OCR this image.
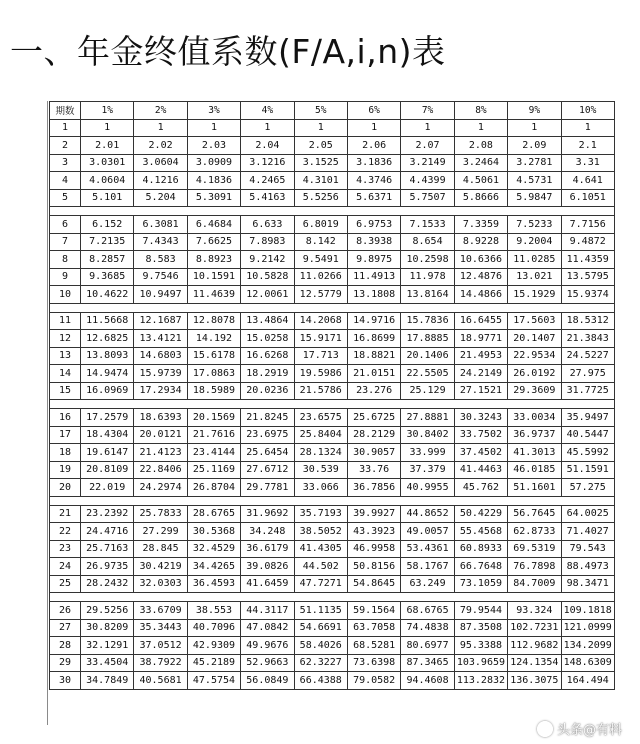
一、年金终值系数(F/A,i,n)表
期数	1%	2%	3%	4%	5%	6%	7%	8%	9%	10%
1	1	1	1	1	1	1	1	1	1	1
2	2.01	2.02	2.03	2.04	2.05	2.06	2.07	2.08	2.09	2.1
3	3.0301	3.0604	3.0909	3.1216	3.1525	3.1836	3.2149	3.2464	3.2781	3.31
4	4.0604	4.1216	4.1836	4.2465	4.3101	4.3746	4.4399	4.5061	4.5731	4.641
5	5.101	5.204	5.3091	5.4163	5.5256	5.6371	5.7507	5.8666	5.9847	6.1051

6	6.152	6.3081	6.4684	6.633	6.8019	6.9753	7.1533	7.3359	7.5233	7.7156
7	7.2135	7.4343	7.6625	7.8983	8.142	8.3938	8.654	8.9228	9.2004	9.4872
8	8.2857	8.583	8.8923	9.2142	9.5491	9.8975	10.2598	10.6366	11.0285	11.4359
9	9.3685	9.7546	10.1591	10.5828	11.0266	11.4913	11.978	12.4876	13.021	13.5795
10	10.4622	10.9497	11.4639	12.0061	12.5779	13.1808	13.8164	14.4866	15.1929	15.9374

11	11.5668	12.1687	12.8078	13.4864	14.2068	14.9716	15.7836	16.6455	17.5603	18.5312
12	12.6825	13.4121	14.192	15.0258	15.9171	16.8699	17.8885	18.9771	20.1407	21.3843
13	13.8093	14.6803	15.6178	16.6268	17.713	18.8821	20.1406	21.4953	22.9534	24.5227
14	14.9474	15.9739	17.0863	18.2919	19.5986	21.0151	22.5505	24.2149	26.0192	27.975
15	16.0969	17.2934	18.5989	20.0236	21.5786	23.276	25.129	27.1521	29.3609	31.7725

16	17.2579	18.6393	20.1569	21.8245	23.6575	25.6725	27.8881	30.3243	33.0034	35.9497
17	18.4304	20.0121	21.7616	23.6975	25.8404	28.2129	30.8402	33.7502	36.9737	40.5447
18	19.6147	21.4123	23.4144	25.6454	28.1324	30.9057	33.999	37.4502	41.3013	45.5992
19	20.8109	22.8406	25.1169	27.6712	30.539	33.76	37.379	41.4463	46.0185	51.1591
20	22.019	24.2974	26.8704	29.7781	33.066	36.7856	40.9955	45.762	51.1601	57.275

21	23.2392	25.7833	28.6765	31.9692	35.7193	39.9927	44.8652	50.4229	56.7645	64.0025
22	24.4716	27.299	30.5368	34.248	38.5052	43.3923	49.0057	55.4568	62.8733	71.4027
23	25.7163	28.845	32.4529	36.6179	41.4305	46.9958	53.4361	60.8933	69.5319	79.543
24	26.9735	30.4219	34.4265	39.0826	44.502	50.8156	58.1767	66.7648	76.7898	88.4973
25	28.2432	32.0303	36.4593	41.6459	47.7271	54.8645	63.249	73.1059	84.7009	98.3471

26	29.5256	33.6709	38.553	44.3117	51.1135	59.1564	68.6765	79.9544	93.324	109.1818
27	30.8209	35.3443	40.7096	47.0842	54.6691	63.7058	74.4838	87.3508	102.7231	121.0999
28	32.1291	37.0512	42.9309	49.9676	58.4026	68.5281	80.6977	95.3388	112.9682	134.2099
29	33.4504	38.7922	45.2189	52.9663	62.3227	73.6398	87.3465	103.9659	124.1354	148.6309
30	34.7849	40.5681	47.5754	56.0849	66.4388	79.0582	94.4608	113.2832	136.3075	164.494
头条@有料
